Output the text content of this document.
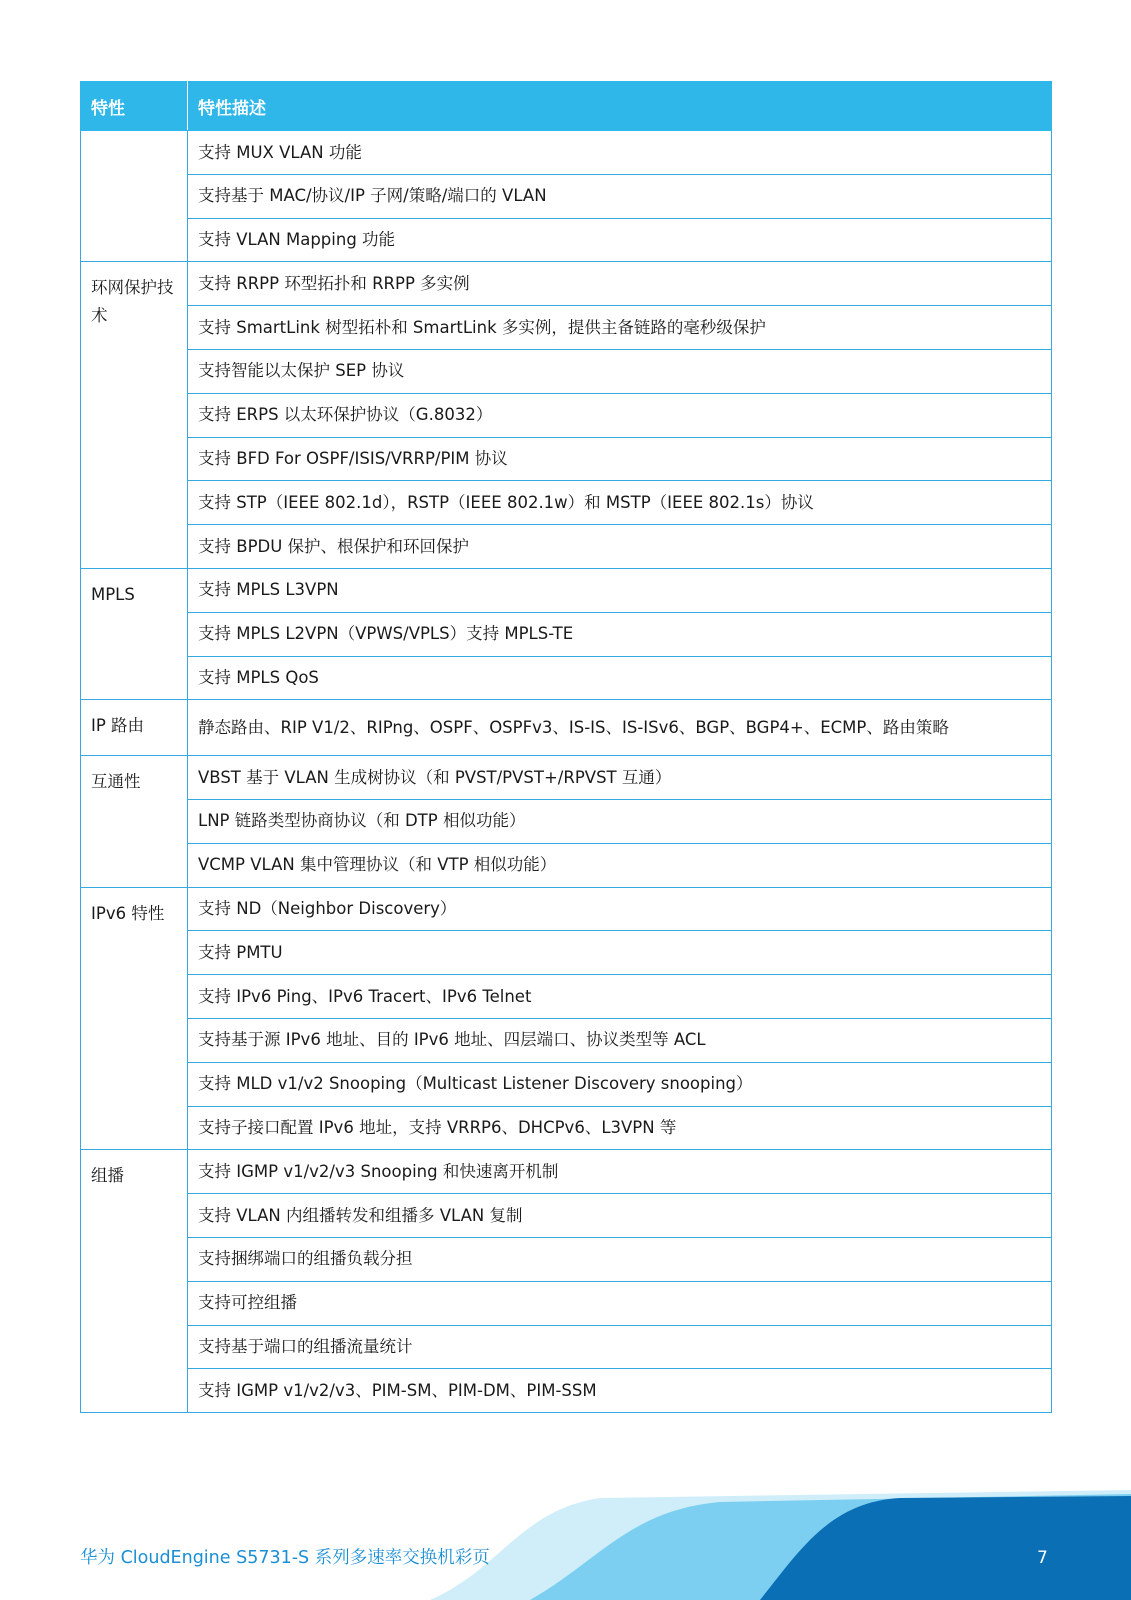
特性	特性描述
	支持 MUX VLAN 功能
	支持基于 MAC/协议/IP 子网/策略/端口的 VLAN
	支持 VLAN Mapping 功能
环网保护技术	支持 RRPP 环型拓扑和 RRPP 多实例
	支持 SmartLink 树型拓朴和 SmartLink 多实例，提供主备链路的毫秒级保护
	支持智能以太保护 SEP 协议
	支持 ERPS 以太环保护协议（G.8032）
	支持 BFD For OSPF/ISIS/VRRP/PIM 协议
	支持 STP（IEEE 802.1d），RSTP（IEEE 802.1w）和 MSTP（IEEE 802.1s）协议
	支持 BPDU 保护、根保护和环回保护
MPLS	支持 MPLS L3VPN
	支持 MPLS L2VPN（VPWS/VPLS）支持 MPLS-TE
	支持 MPLS QoS
IP 路由	静态路由、RIP V1/2、RIPng、OSPF、OSPFv3、IS-IS、IS-ISv6、BGP、BGP4+、ECMP、路由策略
互通性	VBST 基于 VLAN 生成树协议（和 PVST/PVST+/RPVST 互通）
	LNP 链路类型协商协议（和 DTP 相似功能）
	VCMP VLAN 集中管理协议（和 VTP 相似功能）
IPv6 特性	支持 ND（Neighbor Discovery）
	支持 PMTU
	支持 IPv6 Ping、IPv6 Tracert、IPv6 Telnet
	支持基于源 IPv6 地址、目的 IPv6 地址、四层端口、协议类型等 ACL
	支持 MLD v1/v2 Snooping（Multicast Listener Discovery snooping）
	支持子接口配置 IPv6 地址，支持 VRRP6、DHCPv6、L3VPN 等
组播	支持 IGMP v1/v2/v3 Snooping 和快速离开机制
	支持 VLAN 内组播转发和组播多 VLAN 复制
	支持捆绑端口的组播负载分担
	支持可控组播
	支持基于端口的组播流量统计
	支持 IGMP v1/v2/v3、PIM-SM、PIM-DM、PIM-SSM
华为 CloudEngine S5731-S 系列多速率交换机彩页	7
